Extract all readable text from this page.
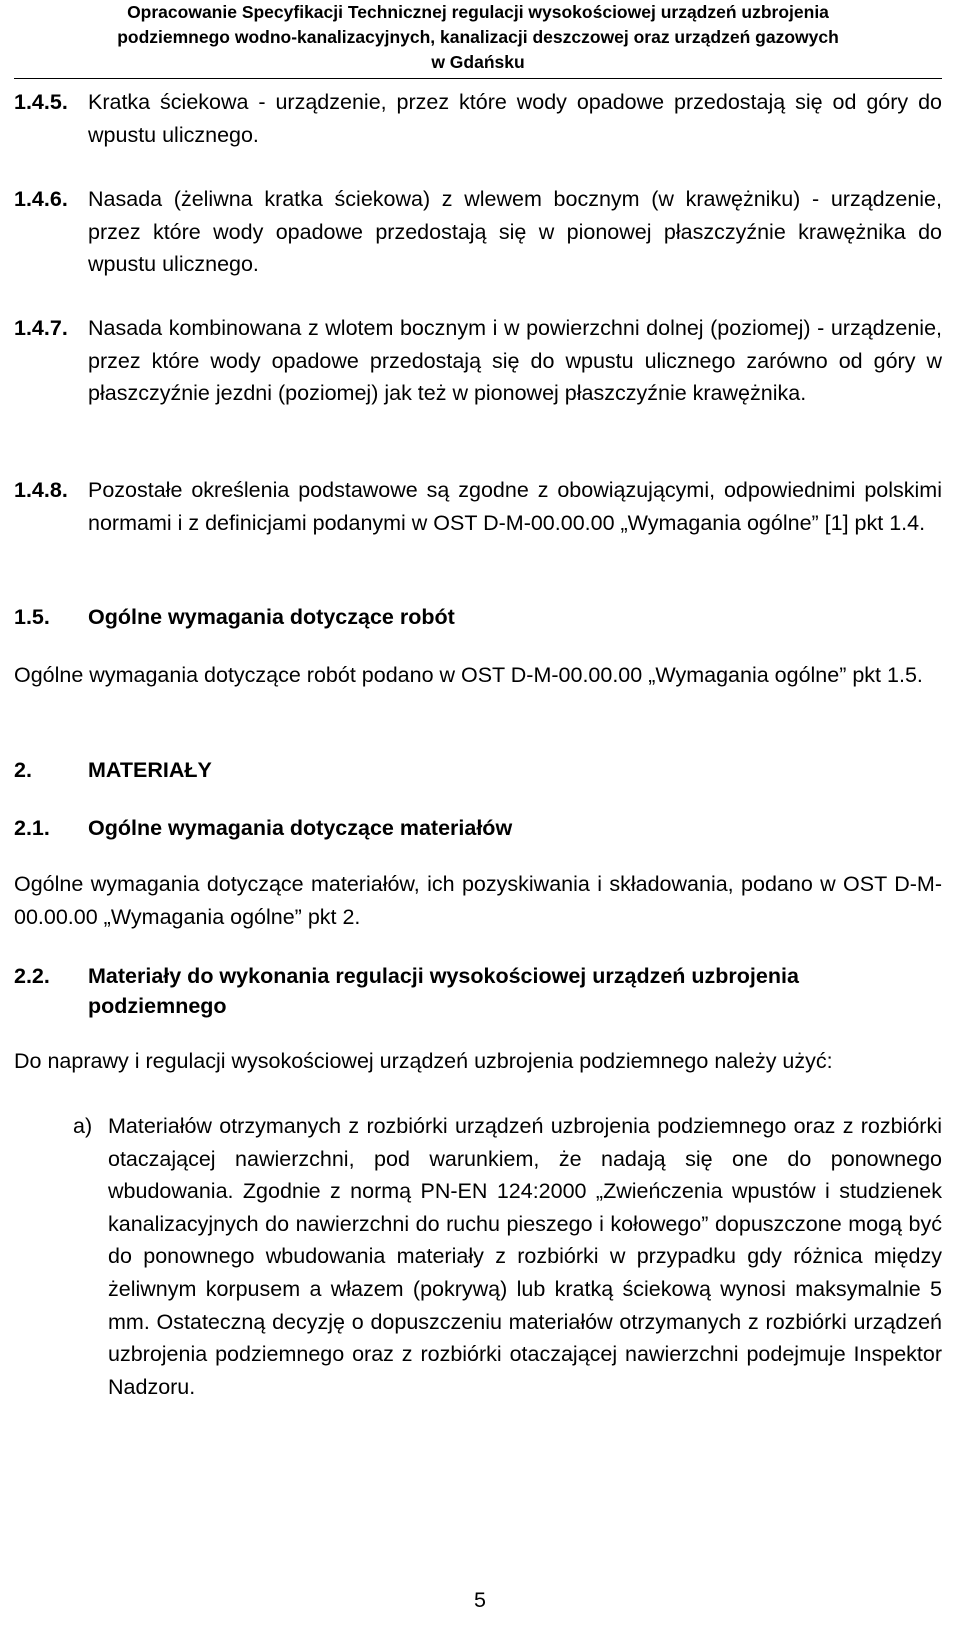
Opracowanie Specyfikacji Technicznej regulacji wysokościowej urządzeń uzbrojenia
podziemnego wodno-kanalizacyjnych, kanalizacji deszczowej oraz urządzeń gazowych
w Gdańsku
1.4.5. Kratka ściekowa - urządzenie, przez które wody opadowe przedostają się od góry do wpustu ulicznego.
1.4.6. Nasada (żeliwna kratka ściekowa) z wlewem bocznym (w krawężniku) - urządzenie, przez które wody opadowe przedostają się w pionowej płaszczyźnie krawężnika do wpustu ulicznego.
1.4.7. Nasada kombinowana z wlotem bocznym i w powierzchni dolnej (poziomej) - urządzenie, przez które wody opadowe przedostają się do wpustu ulicznego zarówno od góry w płaszczyźnie jezdni (poziomej) jak też w pionowej płaszczyźnie krawężnika.
1.4.8. Pozostałe określenia podstawowe są zgodne z obowiązującymi, odpowiednimi polskimi normami i z definicjami podanymi w OST D-M-00.00.00 „Wymagania ogólne” [1] pkt 1.4.
1.5. Ogólne wymagania dotyczące robót
Ogólne wymagania dotyczące robót podano w OST D-M-00.00.00 „Wymagania ogólne” pkt 1.5.
2.	MATERIAŁY
2.1. Ogólne wymagania dotyczące materiałów
Ogólne wymagania dotyczące materiałów, ich pozyskiwania i składowania, podano w OST D-M-00.00.00 „Wymagania ogólne” pkt 2.
2.2. Materiały do wykonania regulacji wysokościowej urządzeń uzbrojenia podziemnego
Do naprawy i regulacji wysokościowej urządzeń uzbrojenia podziemnego należy użyć:
a) Materiałów otrzymanych z rozbiórki urządzeń uzbrojenia podziemnego oraz z rozbiórki otaczającej nawierzchni, pod warunkiem, że nadają się one do ponownego wbudowania. Zgodnie z normą PN-EN 124:2000 „Zwieńczenia wpustów i studzienek kanalizacyjnych do nawierzchni do ruchu pieszego i kołowego” dopuszczone mogą być do ponownego wbudowania materiały z rozbiórki w przypadku gdy różnica między żeliwnym korpusem a włazem (pokrywą) lub kratką ściekową wynosi maksymalnie 5 mm. Ostateczną decyzję o dopuszczeniu materiałów otrzymanych z rozbiórki urządzeń uzbrojenia podziemnego oraz z rozbiórki otaczającej nawierzchni podejmuje Inspektor Nadzoru.
5
